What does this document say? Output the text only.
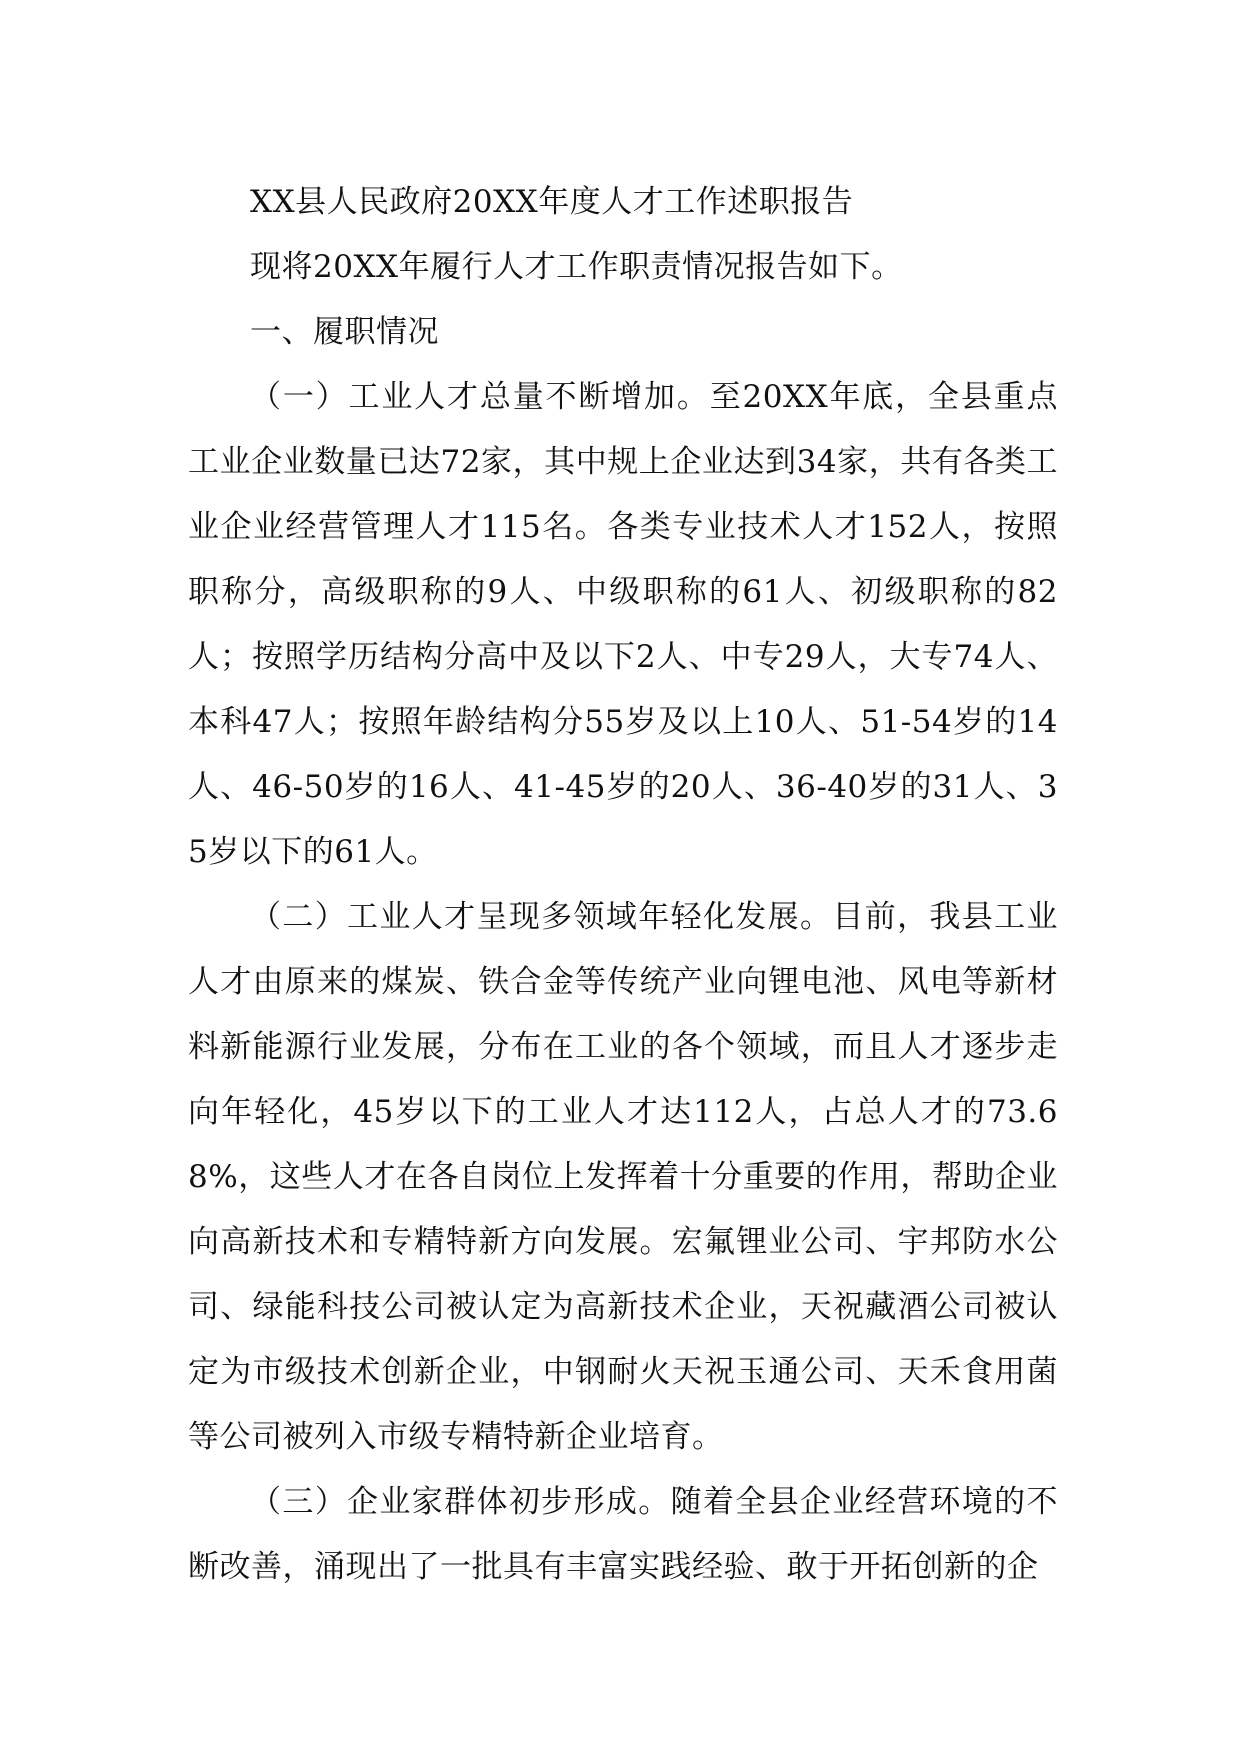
XX县人民政府20XX年度人才工作述职报告

现将20XX年履行人才工作职责情况报告如下。

一、履职情况

（一）工业人才总量不断增加。至20XX年底，全县重点工业企业数量已达72家，其中规上企业达到34家，共有各类工业企业经营管理人才115名。各类专业技术人才152人，按照职称分，高级职称的9人、中级职称的61人、初级职称的82人；按照学历结构分高中及以下2人、中专29人，大专74人、本科47人；按照年龄结构分55岁及以上10人、51-54岁的14人、46-50岁的16人、41-45岁的20人、36-40岁的31人、35岁以下的61人。

（二）工业人才呈现多领域年轻化发展。目前，我县工业人才由原来的煤炭、铁合金等传统产业向锂电池、风电等新材料新能源行业发展，分布在工业的各个领域，而且人才逐步走向年轻化，45岁以下的工业人才达112人，占总人才的73.68%，这些人才在各自岗位上发挥着十分重要的作用，帮助企业向高新技术和专精特新方向发展。宏氟锂业公司、宇邦防水公司、绿能科技公司被认定为高新技术企业，天祝藏酒公司被认定为市级技术创新企业，中钢耐火天祝玉通公司、天禾食用菌等公司被列入市级专精特新企业培育。

（三）企业家群体初步形成。随着全县企业经营环境的不断改善，涌现出了一批具有丰富实践经验、敢于开拓创新的企
